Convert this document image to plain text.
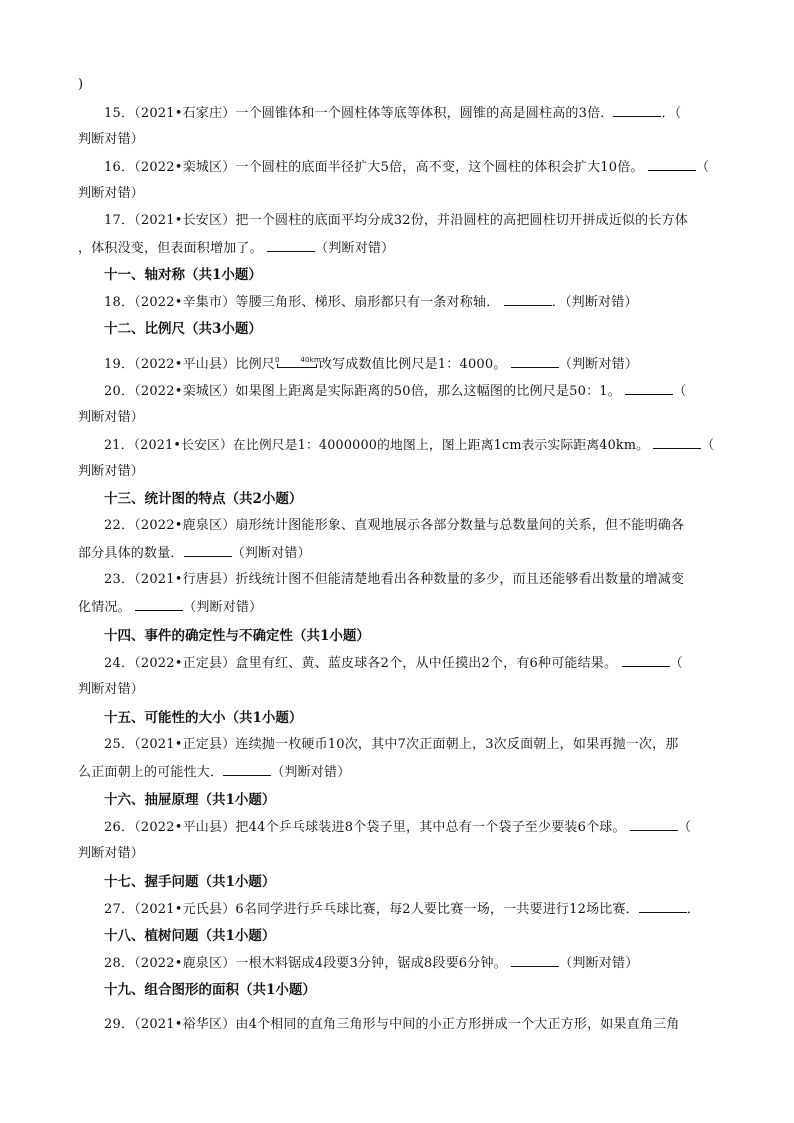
)
15．（2021•石家庄）一个圆锥体和一个圆柱体等底等体积，圆锥的高是圆柱高的3倍．	．（
判断对错）
16．（2022•栾城区）一个圆柱的底面半径扩大5倍，高不变，这个圆柱的体积会扩大10倍。	（
判断对错）
17．（2021•长安区）把一个圆柱的底面平均分成32份，并沿圆柱的高把圆柱切开拼成近似的长方体
，体积没变，但表面积增加了。	（判断对错）
十一、轴对称（共1小题）
18．（2022•辛集市）等腰三角形、梯形、扇形都只有一条对称轴．	．（判断对错）
十二、比例尺（共3小题）
19．（2022•平山县）比例尺 0	40km
改写成数值比例尺是1：4000。	（判断对错）
20．（2022•栾城区）如果图上距离是实际距离的50倍，那么这幅图的比例尺是50：1。	（
判断对错）
21．（2021•长安区）在比例尺是1：4000000的地图上，图上距离1cm表示实际距离40km。	（
判断对错）
十三、统计图的特点（共2小题）
22．（2022•鹿泉区）扇形统计图能形象、直观地展示各部分数量与总数量间的关系，但不能明确各
部分具体的数量．	（判断对错）
23．（2021•行唐县）折线统计图不但能清楚地看出各种数量的多少，而且还能够看出数量的增减变
化情况。	（判断对错）
十四、事件的确定性与不确定性（共1小题）
24．（2022•正定县）盒里有红、黄、蓝皮球各2个，从中任摸出2个，有6种可能结果。	（
判断对错）
十五、可能性的大小（共1小题）
25．（2021•正定县）连续抛一枚硬币10次，其中7次正面朝上，3次反面朝上，如果再抛一次，那
么正面朝上的可能性大．	（判断对错）
十六、抽屉原理（共1小题）
26．（2022•平山县）把44个乒乓球装进8个袋子里，其中总有一个袋子至少要装6个球。	（
判断对错）
十七、握手问题（共1小题）
27．（2021•元氏县）6名同学进行乒乓球比赛，每2人要比赛一场，一共要进行12场比赛．	．
十八、植树问题（共1小题）
28．（2022•鹿泉区）一根木料锯成4段要3分钟，锯成8段要6分钟。	（判断对错）
十九、组合图形的面积（共1小题）
29．（2021•裕华区）由4个相同的直角三角形与中间的小正方形拼成一个大正方形，如果直角三角
